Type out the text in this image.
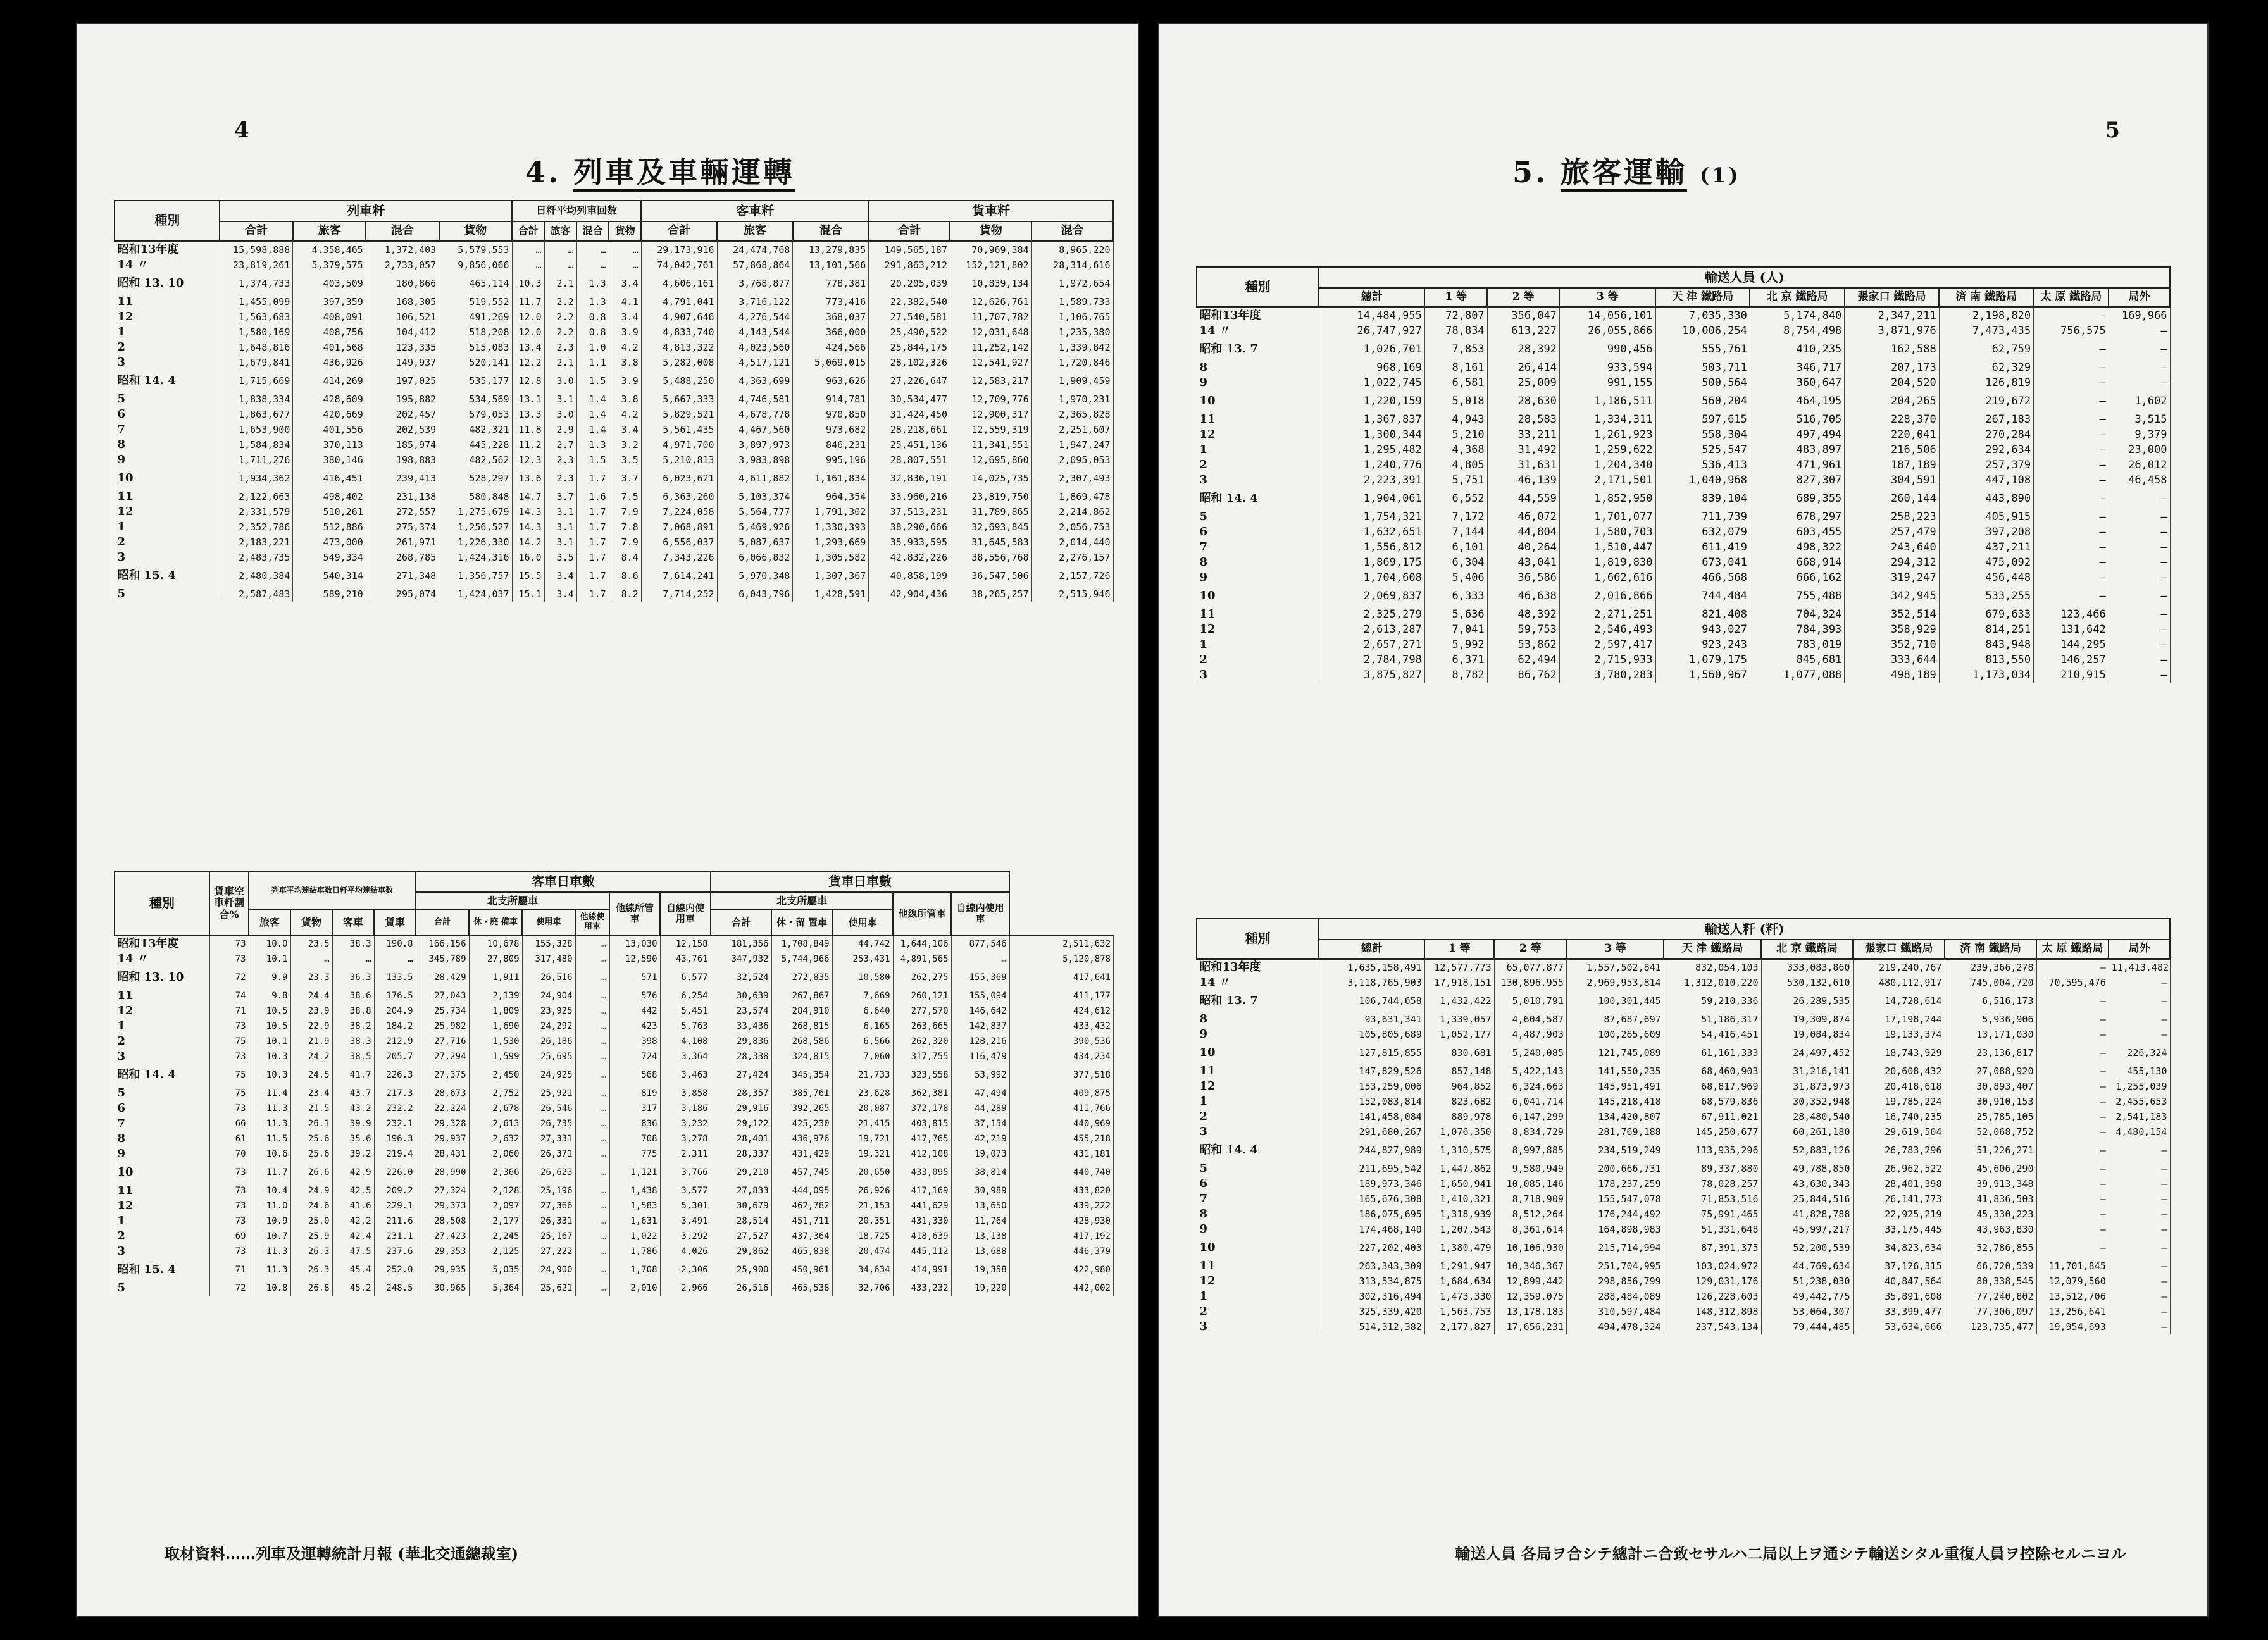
4
4. 列車及車輛運轉
種別	列車粁				日粁平均列車回数				客車粁			貨車粁		
	合計	旅客	混合	貨物	合計	旅客	混合	貨物	合計	旅客	混合	合計	貨物	混合
昭和13年度	15,598,888	4,358,465	1,372,403	5,579,553	…	…	…	…	29,173,916	24,474,768	13,279,835	149,565,187	70,969,384	8,965,220
14 〃	23,819,261	5,379,575	2,733,057	9,856,066	…	…	…	…	74,042,761	57,868,864	13,101,566	291,863,212	152,121,802	28,314,616
昭和 13. 10	1,374,733	403,509	180,866	465,114	10.3	2.1	1.3	3.4	4,606,161	3,768,877	778,381	20,205,039	10,839,134	1,972,654
11	1,455,099	397,359	168,305	519,552	11.7	2.2	1.3	4.1	4,791,041	3,716,122	773,416	22,382,540	12,626,761	1,589,733
12	1,563,683	408,091	106,521	491,269	12.0	2.2	0.8	3.4	4,907,646	4,276,544	368,037	27,540,581	11,707,782	1,106,765
1	1,580,169	408,756	104,412	518,208	12.0	2.2	0.8	3.9	4,833,740	4,143,544	366,000	25,490,522	12,031,648	1,235,380
2	1,648,816	401,568	123,335	515,083	13.4	2.3	1.0	4.2	4,813,322	4,023,560	424,566	25,844,175	11,252,142	1,339,842
3	1,679,841	436,926	149,937	520,141	12.2	2.1	1.1	3.8	5,282,008	4,517,121	5,069,015	28,102,326	12,541,927	1,720,846
昭和 14. 4	1,715,669	414,269	197,025	535,177	12.8	3.0	1.5	3.9	5,488,250	4,363,699	963,626	27,226,647	12,583,217	1,909,459
5	1,838,334	428,609	195,882	534,569	13.1	3.1	1.4	3.8	5,667,333	4,746,581	914,781	30,534,477	12,709,776	1,970,231
6	1,863,677	420,669	202,457	579,053	13.3	3.0	1.4	4.2	5,829,521	4,678,778	970,850	31,424,450	12,900,317	2,365,828
7	1,653,900	401,556	202,539	482,321	11.8	2.9	1.4	3.4	5,561,435	4,467,560	973,682	28,218,661	12,559,319	2,251,607
8	1,584,834	370,113	185,974	445,228	11.2	2.7	1.3	3.2	4,971,700	3,897,973	846,231	25,451,136	11,341,551	1,947,247
9	1,711,276	380,146	198,883	482,562	12.3	2.3	1.5	3.5	5,210,813	3,983,898	995,196	28,807,551	12,695,860	2,095,053
10	1,934,362	416,451	239,413	528,297	13.6	2.3	1.7	3.7	6,023,621	4,611,882	1,161,834	32,836,191	14,025,735	2,307,493
11	2,122,663	498,402	231,138	580,848	14.7	3.7	1.6	7.5	6,363,260	5,103,374	964,354	33,960,216	23,819,750	1,869,478
12	2,331,579	510,261	272,557	1,275,679	14.3	3.1	1.7	7.9	7,224,058	5,564,777	1,791,302	37,513,231	31,789,865	2,214,862
1	2,352,786	512,886	275,374	1,256,527	14.3	3.1	1.7	7.8	7,068,891	5,469,926	1,330,393	38,290,666	32,693,845	2,056,753
2	2,183,221	473,000	261,971	1,226,330	14.2	3.1	1.7	7.9	6,556,037	5,087,637	1,293,669	35,933,595	31,645,583	2,014,440
3	2,483,735	549,334	268,785	1,424,316	16.0	3.5	1.7	8.4	7,343,226	6,066,832	1,305,582	42,832,226	38,556,768	2,276,157
昭和 15. 4	2,480,384	540,314	271,348	1,356,757	15.5	3.4	1.7	8.6	7,614,241	5,970,348	1,307,367	40,858,199	36,547,506	2,157,726
5	2,587,483	589,210	295,074	1,424,037	15.1	3.4	1.7	8.2	7,714,252	6,043,796	1,428,591	42,904,436	38,265,257	2,515,946
種別	貨車空車粁割合%	列車平均連結車数日粁平均連結車数				客車日車數						貨車日車數					
						北支所屬車				他線所管車	自線内使用車	北支所屬車			他線所管車	自線内使用車	
		旅客	貨物	客車	貨車	合計	休・廃 備車	使用車	他線使用車			合計	休・留 置車	使用車			
昭和13年度	73	10.0	23.5	38.3	190.8	166,156	10,678	155,328	…	13,030	12,158	181,356	1,708,849	44,742	1,644,106	877,546	2,511,632
14 〃	73	10.1	…	…	…	345,789	27,809	317,480	…	12,590	43,761	347,932	5,744,966	253,431	4,891,565	…	5,120,878
昭和 13. 10	72	9.9	23.3	36.3	133.5	28,429	1,911	26,516	…	571	6,577	32,524	272,835	10,580	262,275	155,369	417,641
11	74	9.8	24.4	38.6	176.5	27,043	2,139	24,904	…	576	6,254	30,639	267,867	7,669	260,121	155,094	411,177
12	71	10.5	23.9	38.8	204.9	25,734	1,809	23,925	…	442	5,451	23,574	284,910	6,640	277,570	146,642	424,612
1	73	10.5	22.9	38.2	184.2	25,982	1,690	24,292	…	423	5,763	33,436	268,815	6,165	263,665	142,837	433,432
2	75	10.1	21.9	38.3	212.9	27,716	1,530	26,186	…	398	4,108	29,836	268,586	6,566	262,320	128,216	390,536
3	73	10.3	24.2	38.5	205.7	27,294	1,599	25,695	…	724	3,364	28,338	324,815	7,060	317,755	116,479	434,234
昭和 14. 4	75	10.3	24.5	41.7	226.3	27,375	2,450	24,925	…	568	3,463	27,424	345,354	21,733	323,558	53,992	377,518
5	75	11.4	23.4	43.7	217.3	28,673	2,752	25,921	…	819	3,858	28,357	385,761	23,628	362,381	47,494	409,875
6	73	11.3	21.5	43.2	232.2	22,224	2,678	26,546	…	317	3,186	29,916	392,265	20,087	372,178	44,289	411,766
7	66	11.3	26.1	39.9	232.1	29,328	2,613	26,735	…	836	3,232	29,122	425,230	21,415	403,815	37,154	440,969
8	61	11.5	25.6	35.6	196.3	29,937	2,632	27,331	…	708	3,278	28,401	436,976	19,721	417,765	42,219	455,218
9	70	10.6	25.6	39.2	219.4	28,431	2,060	26,371	…	775	2,311	28,337	431,429	19,321	412,108	19,073	431,181
10	73	11.7	26.6	42.9	226.0	28,990	2,366	26,623	…	1,121	3,766	29,210	457,745	20,650	433,095	38,814	440,740
11	73	10.4	24.9	42.5	209.2	27,324	2,128	25,196	…	1,438	3,577	27,833	444,095	26,926	417,169	30,989	433,820
12	73	11.0	24.6	41.6	229.1	29,373	2,097	27,366	…	1,583	5,301	30,679	462,782	21,153	441,629	13,650	439,222
1	73	10.9	25.0	42.2	211.6	28,508	2,177	26,331	…	1,631	3,491	28,514	451,711	20,351	431,330	11,764	428,930
2	69	10.7	25.9	42.4	231.1	27,423	2,245	25,167	…	1,022	3,292	27,527	437,364	18,725	418,639	13,138	417,192
3	73	11.3	26.3	47.5	237.6	29,353	2,125	27,222	…	1,786	4,026	29,862	465,838	20,474	445,112	13,688	446,379
昭和 15. 4	71	11.3	26.3	45.4	252.0	29,935	5,035	24,900	…	1,708	2,306	25,900	450,961	34,634	414,991	19,358	422,980
5	72	10.8	26.8	45.2	248.5	30,965	5,364	25,621	…	2,010	2,966	26,516	465,538	32,706	433,232	19,220	442,002
取材資料……列車及運轉統計月報 (華北交通總裁室)
5
5. 旅客運輸 (1)
種別	輸送人員 (人)									
	總計	1 等	2 等	3 等	天 津 鐵路局	北 京 鐵路局	張家口 鐵路局	済 南 鐵路局	太 原 鐵路局	局外
昭和13年度	14,484,955	72,807	356,047	14,056,101	7,035,330	5,174,840	2,347,211	2,198,820	—	169,966
14 〃	26,747,927	78,834	613,227	26,055,866	10,006,254	8,754,498	3,871,976	7,473,435	756,575	—
昭和 13. 7	1,026,701	7,853	28,392	990,456	555,761	410,235	162,588	62,759	—	—
8	968,169	8,161	26,414	933,594	503,711	346,717	207,173	62,329	—	—
9	1,022,745	6,581	25,009	991,155	500,564	360,647	204,520	126,819	—	—
10	1,220,159	5,018	28,630	1,186,511	560,204	464,195	204,265	219,672	—	1,602
11	1,367,837	4,943	28,583	1,334,311	597,615	516,705	228,370	267,183	—	3,515
12	1,300,344	5,210	33,211	1,261,923	558,304	497,494	220,041	270,284	—	9,379
1	1,295,482	4,368	31,492	1,259,622	525,547	483,897	216,506	292,634	—	23,000
2	1,240,776	4,805	31,631	1,204,340	536,413	471,961	187,189	257,379	—	26,012
3	2,223,391	5,751	46,139	2,171,501	1,040,968	827,307	304,591	447,108	—	46,458
昭和 14. 4	1,904,061	6,552	44,559	1,852,950	839,104	689,355	260,144	443,890	—	—
5	1,754,321	7,172	46,072	1,701,077	711,739	678,297	258,223	405,915	—	—
6	1,632,651	7,144	44,804	1,580,703	632,079	603,455	257,479	397,208	—	—
7	1,556,812	6,101	40,264	1,510,447	611,419	498,322	243,640	437,211	—	—
8	1,869,175	6,304	43,041	1,819,830	673,041	668,914	294,312	475,092	—	—
9	1,704,608	5,406	36,586	1,662,616	466,568	666,162	319,247	456,448	—	—
10	2,069,837	6,333	46,638	2,016,866	744,484	755,488	342,945	533,255	—	—
11	2,325,279	5,636	48,392	2,271,251	821,408	704,324	352,514	679,633	123,466	—
12	2,613,287	7,041	59,753	2,546,493	943,027	784,393	358,929	814,251	131,642	—
1	2,657,271	5,992	53,862	2,597,417	923,243	783,019	352,710	843,948	144,295	—
2	2,784,798	6,371	62,494	2,715,933	1,079,175	845,681	333,644	813,550	146,257	—
3	3,875,827	8,782	86,762	3,780,283	1,560,967	1,077,088	498,189	1,173,034	210,915	—
種別	輸送人粁 (粁)									
	總計	1 等	2 等	3 等	天 津 鐵路局	北 京 鐵路局	張家口 鐵路局	済 南 鐵路局	太 原 鐵路局	局外
昭和13年度	1,635,158,491	12,577,773	65,077,877	1,557,502,841	832,054,103	333,083,860	219,240,767	239,366,278	—	11,413,482
14 〃	3,118,765,903	17,918,151	130,896,955	2,969,953,814	1,312,010,220	530,132,610	480,112,917	745,004,720	70,595,476	—
昭和 13. 7	106,744,658	1,432,422	5,010,791	100,301,445	59,210,336	26,289,535	14,728,614	6,516,173	—	—
8	93,631,341	1,339,057	4,604,587	87,687,697	51,186,317	19,309,874	17,198,244	5,936,906	—	—
9	105,805,689	1,052,177	4,487,903	100,265,609	54,416,451	19,084,834	19,133,374	13,171,030	—	—
10	127,815,855	830,681	5,240,085	121,745,089	61,161,333	24,497,452	18,743,929	23,136,817	—	226,324
11	147,829,526	857,148	5,422,143	141,550,235	68,460,903	31,216,141	20,608,432	27,088,920	—	455,130
12	153,259,006	964,852	6,324,663	145,951,491	68,817,969	31,873,973	20,418,618	30,893,407	—	1,255,039
1	152,083,814	823,682	6,041,714	145,218,418	68,579,836	30,352,948	19,785,224	30,910,153	—	2,455,653
2	141,458,084	889,978	6,147,299	134,420,807	67,911,021	28,480,540	16,740,235	25,785,105	—	2,541,183
3	291,680,267	1,076,350	8,834,729	281,769,188	145,250,677	60,261,180	29,619,504	52,068,752	—	4,480,154
昭和 14. 4	244,827,989	1,310,575	8,997,885	234,519,249	113,935,296	52,883,126	26,783,296	51,226,271	—	—
5	211,695,542	1,447,862	9,580,949	200,666,731	89,337,880	49,788,850	26,962,522	45,606,290	—	—
6	189,973,346	1,650,941	10,085,146	178,237,259	78,028,257	43,630,343	28,401,398	39,913,348	—	—
7	165,676,308	1,410,321	8,718,909	155,547,078	71,853,516	25,844,516	26,141,773	41,836,503	—	—
8	186,075,695	1,318,939	8,512,264	176,244,492	75,991,465	41,828,788	22,925,219	45,330,223	—	—
9	174,468,140	1,207,543	8,361,614	164,898,983	51,331,648	45,997,217	33,175,445	43,963,830	—	—
10	227,202,403	1,380,479	10,106,930	215,714,994	87,391,375	52,200,539	34,823,634	52,786,855	—	—
11	263,343,309	1,291,947	10,346,367	251,704,995	103,024,972	44,769,634	37,126,315	66,720,539	11,701,845	—
12	313,534,875	1,684,634	12,899,442	298,856,799	129,031,176	51,238,030	40,847,564	80,338,545	12,079,560	—
1	302,316,494	1,473,330	12,359,075	288,484,089	126,228,603	49,442,775	35,891,608	77,240,802	13,512,706	—
2	325,339,420	1,563,753	13,178,183	310,597,484	148,312,898	53,064,307	33,399,477	77,306,097	13,256,641	—
3	514,312,382	2,177,827	17,656,231	494,478,324	237,543,134	79,444,485	53,634,666	123,735,477	19,954,693	—
輸送人員 各局ヲ合シテ總計ニ合致セサルハ二局以上ヲ通シテ輸送シタル重復人員ヲ控除セルニヨル
